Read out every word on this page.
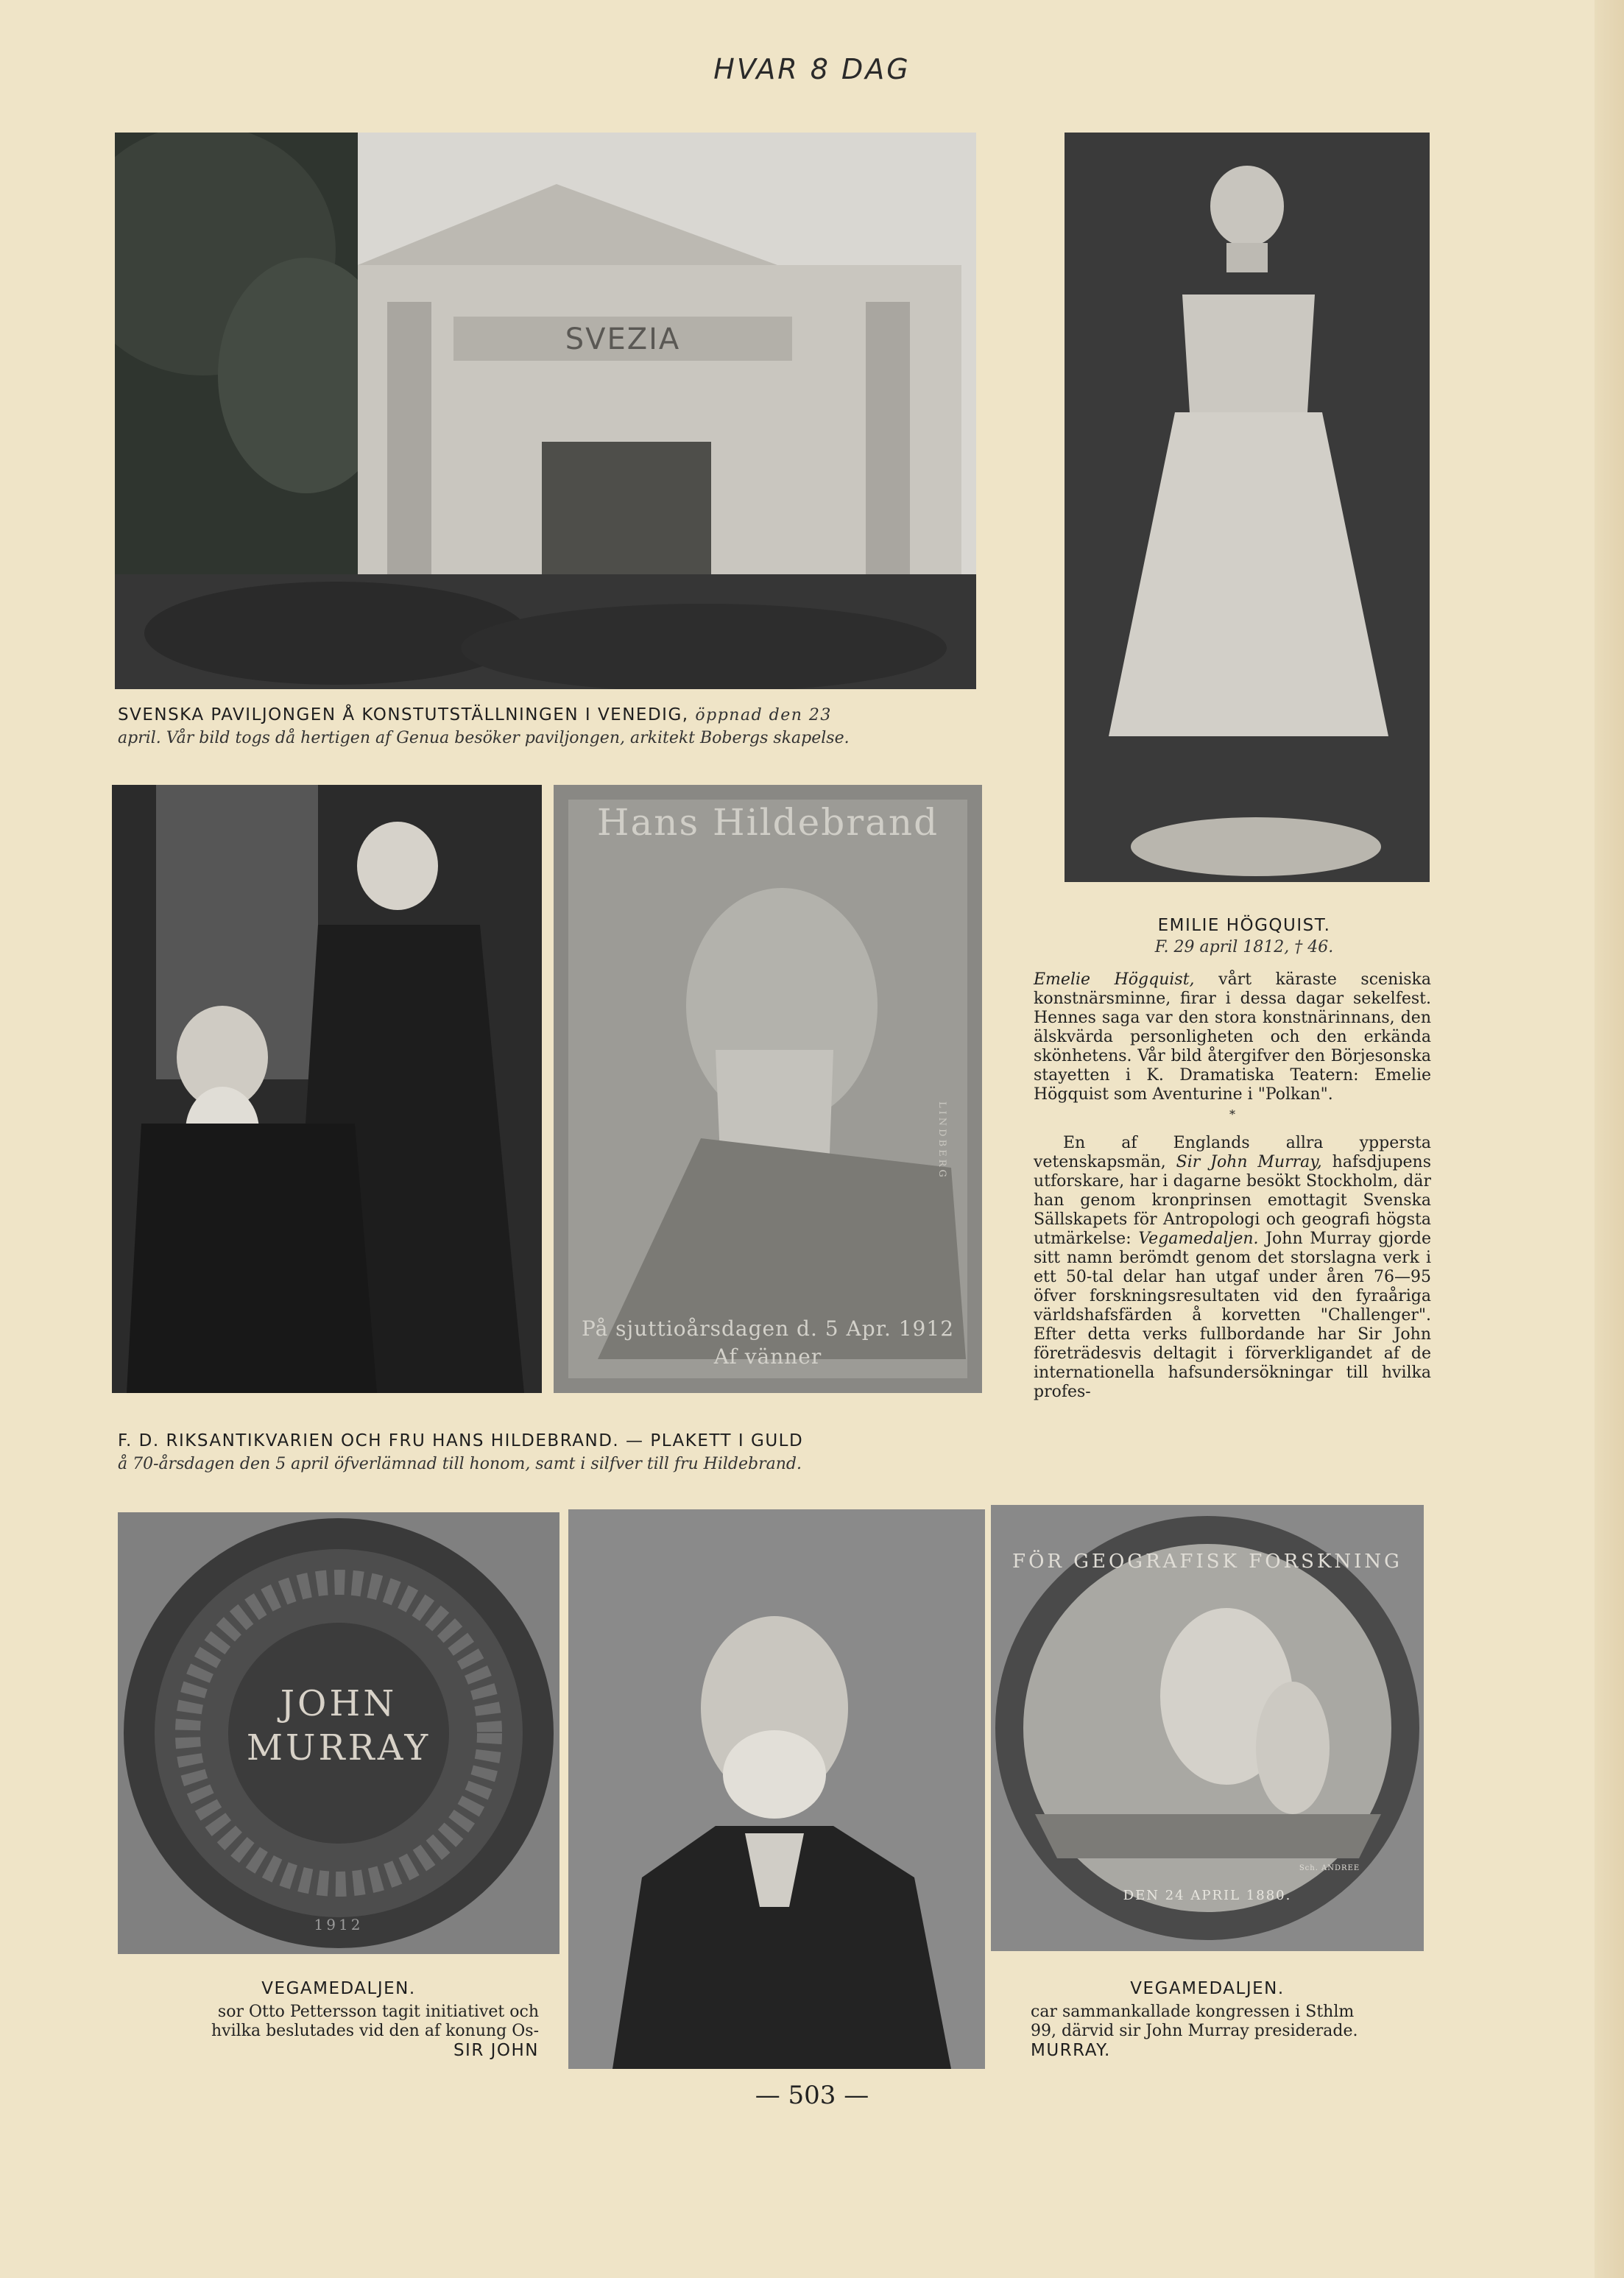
HVAR 8 DAG
SVEZIA
SVENSKA PAVILJONGEN Å KONSTUTSTÄLLNINGEN I VENEDIG, öppnad den 23
april. Vår bild togs då hertigen af Genua besöker paviljongen, arkitekt Bobergs skapelse.
Hans Hildebrand
LINDBERG
På sjuttioårsdagen d. 5 Apr. 1912
Af vänner
F. D. RIKSANTIKVARIEN OCH FRU HANS HILDEBRAND. — PLAKETT I GULD
å 70-årsdagen den 5 april öfverlämnad till honom, samt i silfver till fru Hildebrand.
EMILIE HÖGQUIST.
F. 29 april 1812, † 46.

Emelie Högquist, vårt käraste sceniska konstnärsminne, firar i dessa dagar sekelfest. Hennes saga var den stora konstnärinnans, den älskvärda personligheten och den erkända skönhetens. Vår bild återgifver den Börjesonska stayetten i K. Dramatiska Teatern: Emelie Högquist som Aventurine i "Polkan".

*

En af Englands allra yppersta vetenskapsmän, Sir John Murray, hafsdjupens utforskare, har i dagarne besökt Stockholm, där han genom kronprinsen emottagit Svenska Sällskapets för Antropologi och geografi högsta utmärkelse: Vegamedaljen. John Murray gjorde sitt namn berömdt genom det storslagna verk i ett 50-tal delar han utgaf under åren 76—95 öfver forskningsresultaten vid den fyraåriga världshafsfärden å korvetten "Challenger". Efter detta verks fullbordande har Sir John företrädesvis deltagit i förverkligandet af de internationella hafsundersökningar till hvilka profes-

JOHN
MURRAY
1912
FÖR GEOGRAFISK FORSKNING
Sch. ANDREE
DEN 24 APRIL 1880.
VEGAMEDALJEN.
sor Otto Pettersson tagit initiativet och
hvilka beslutades vid den af konung Os-
SIR JOHN
VEGAMEDALJEN.
car sammankallade kongressen i Sthlm
99, därvid sir John Murray presiderade.
MURRAY.
— 503 —
